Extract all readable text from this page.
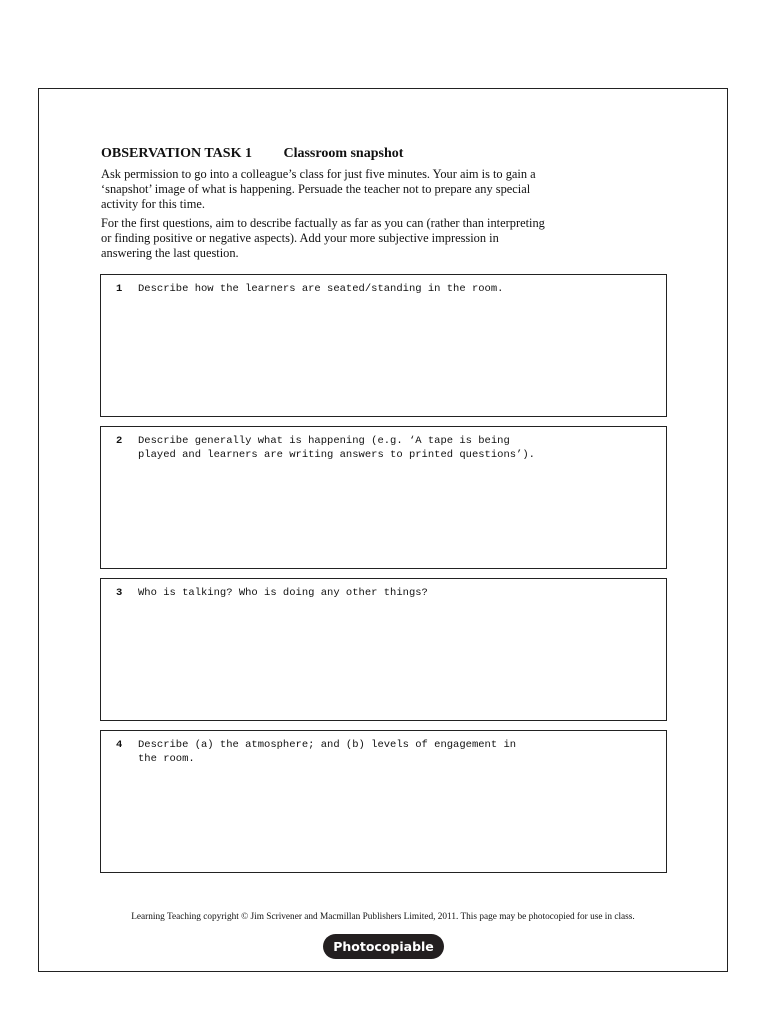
OBSERVATION TASK 1 Classroom snapshot

Ask permission to go into a colleague’s class for just five minutes. Your aim is to gain a ‘snapshot’ image of what is happening. Persuade the teacher not to prepare any special activity for this time.

For the first questions, aim to describe factually as far as you can (rather than interpreting or finding positive or negative aspects). Add your more subjective impression in answering the last question.

1 Describe how the learners are seated/standing in the room.
2 Describe generally what is happening (e.g. ‘A tape is being
played and learners are writing answers to printed questions’).
3 Who is talking? Who is doing any other things?
4 Describe (a) the atmosphere; and (b) levels of engagement in
the room.
Learning Teaching copyright © Jim Scrivener and Macmillan Publishers Limited, 2011. This page may be photocopied for use in class.
Photocopiable
